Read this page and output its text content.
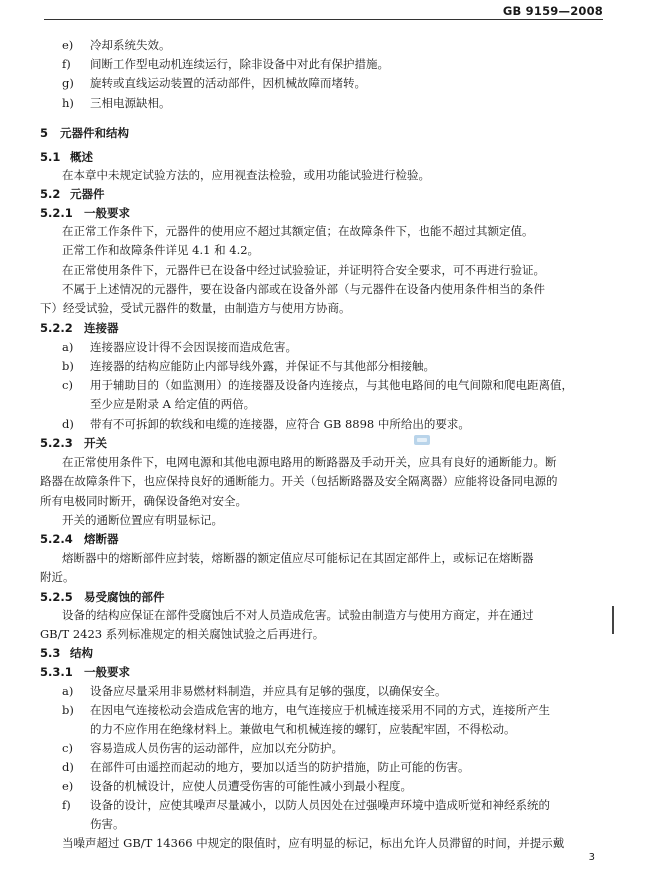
GB 9159—2008
e) 冷却系统失效。
f) 间断工作型电动机连续运行，除非设备中对此有保护措施。
g) 旋转或直线运动装置的活动部件，因机械故障而堵转。
h) 三相电源缺相。
5 元器件和结构
5.1 概述
在本章中未规定试验方法的，应用视查法检验，或用功能试验进行检验。
5.2 元器件
5.2.1 一般要求
在正常工作条件下，元器件的使用应不超过其额定值；在故障条件下，也能不超过其额定值。
正常工作和故障条件详见 4.1 和 4.2。
在正常使用条件下，元器件已在设备中经过试验验证，并证明符合安全要求，可不再进行验证。
不属于上述情况的元器件，要在设备内部或在设备外部（与元器件在设备内使用条件相当的条件
下）经受试验，受试元器件的数量，由制造方与使用方协商。
5.2.2 连接器
a) 连接器应设计得不会因误接而造成危害。
b) 连接器的结构应能防止内部导线外露，并保证不与其他部分相接触。
c) 用于辅助目的（如监测用）的连接器及设备内连接点，与其他电路间的电气间隙和爬电距离值，
至少应是附录 A 给定值的两倍。
d) 带有不可拆卸的软线和电缆的连接器，应符合 GB 8898 中所给出的要求。
5.2.3 开关
在正常使用条件下，电网电源和其他电源电路用的断路器及手动开关，应具有良好的通断能力。断
路器在故障条件下，也应保持良好的通断能力。开关（包括断路器及安全隔离器）应能将设备同电源的
所有电极同时断开，确保设备绝对安全。
开关的通断位置应有明显标记。
5.2.4 熔断器
熔断器中的熔断部件应封装，熔断器的额定值应尽可能标记在其固定部件上，或标记在熔断器
附近。
5.2.5 易受腐蚀的部件
设备的结构应保证在部件受腐蚀后不对人员造成危害。试验由制造方与使用方商定，并在通过
GB/T 2423 系列标准规定的相关腐蚀试验之后再进行。
5.3 结构
5.3.1 一般要求
a) 设备应尽量采用非易燃材料制造，并应具有足够的强度，以确保安全。
b) 在因电气连接松动会造成危害的地方，电气连接应于机械连接采用不同的方式，连接所产生
的力不应作用在绝缘材料上。兼做电气和机械连接的螺钉，应装配牢固，不得松动。
c) 容易造成人员伤害的运动部件，应加以充分防护。
d) 在部件可由遥控而起动的地方，要加以适当的防护措施，防止可能的伤害。
e) 设备的机械设计，应使人员遭受伤害的可能性减小到最小程度。
f) 设备的设计，应使其噪声尽量减小，以防人员因处在过强噪声环境中造成听觉和神经系统的
伤害。
当噪声超过 GB/T 14366 中规定的限值时，应有明显的标记，标出允许人员滞留的时间，并提示戴
3
